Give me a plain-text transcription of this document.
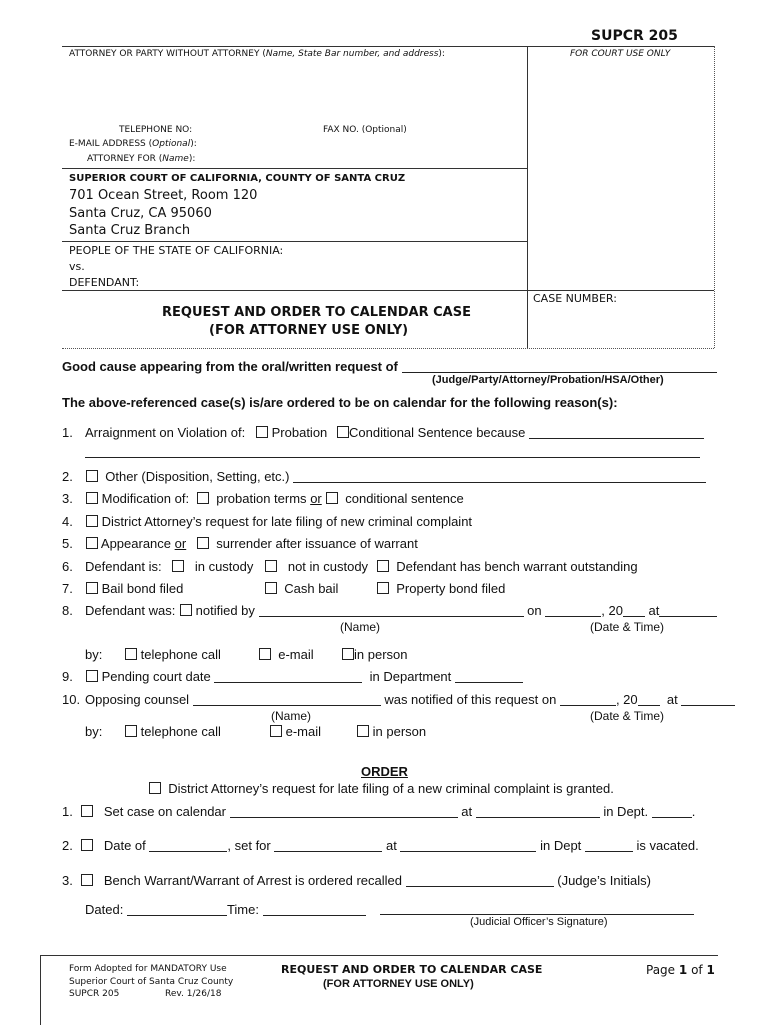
SUPCR 205
ATTORNEY OR PARTY WITHOUT ATTORNEY (Name, State Bar number, and address):	FOR COURT USE ONLY
TELEPHONE NO:	FAX NO. (Optional)
E-MAIL ADDRESS (Optional):
ATTORNEY FOR (Name):
SUPERIOR COURT OF CALIFORNIA, COUNTY OF SANTA CRUZ
701 Ocean Street, Room 120
Santa Cruz, CA 95060
Santa Cruz Branch
PEOPLE OF THE STATE OF CALIFORNIA:
vs.
DEFENDANT:
CASE NUMBER:
REQUEST AND ORDER TO CALENDAR CASE
(FOR ATTORNEY USE ONLY)
Good cause appearing from the oral/written request of
(Judge/Party/Attorney/Probation/HSA/Other)
The above-referenced case(s) is/are ordered to be on calendar for the following reason(s):
1. Arraignment on Violation of:	Probation	Conditional Sentence because
2.	Other (Disposition, Setting, etc.)
3.	Modification of:	probation terms or	conditional sentence
4.	District Attorney’s request for late filing of new criminal complaint
5.	Appearance or	surrender after issuance of warrant
6. Defendant is:	in custody	not in custody	Defendant has bench warrant outstanding
7.	Bail bond filed	Cash bail	Property bond filed
8. Defendant was:	notified by	on	, 20 at
(Name)	(Date & Time)
by:	telephone call	e-mail	in person
9.	Pending court date	in Department
10. Opposing counsel	was notified of this request on	, 20 at
(Name)	(Date & Time)
by:	telephone call	e-mail	in person
ORDER
District Attorney’s request for late filing of a new criminal complaint is granted.
1.	Set case on calendar	at	in Dept.	.
2.	Date of	, set for	at	in Dept	is vacated.
3.	Bench Warrant/Warrant of Arrest is ordered recalled	(Judge’s Initials)
Dated:	Time:
(Judicial Officer’s Signature)
Form Adopted for MANDATORY Use
Superior Court of Santa Cruz County
SUPCR 205	Rev. 1/26/18
REQUEST AND ORDER TO CALENDAR CASE
(FOR ATTORNEY USE ONLY)
Page 1 of 1
